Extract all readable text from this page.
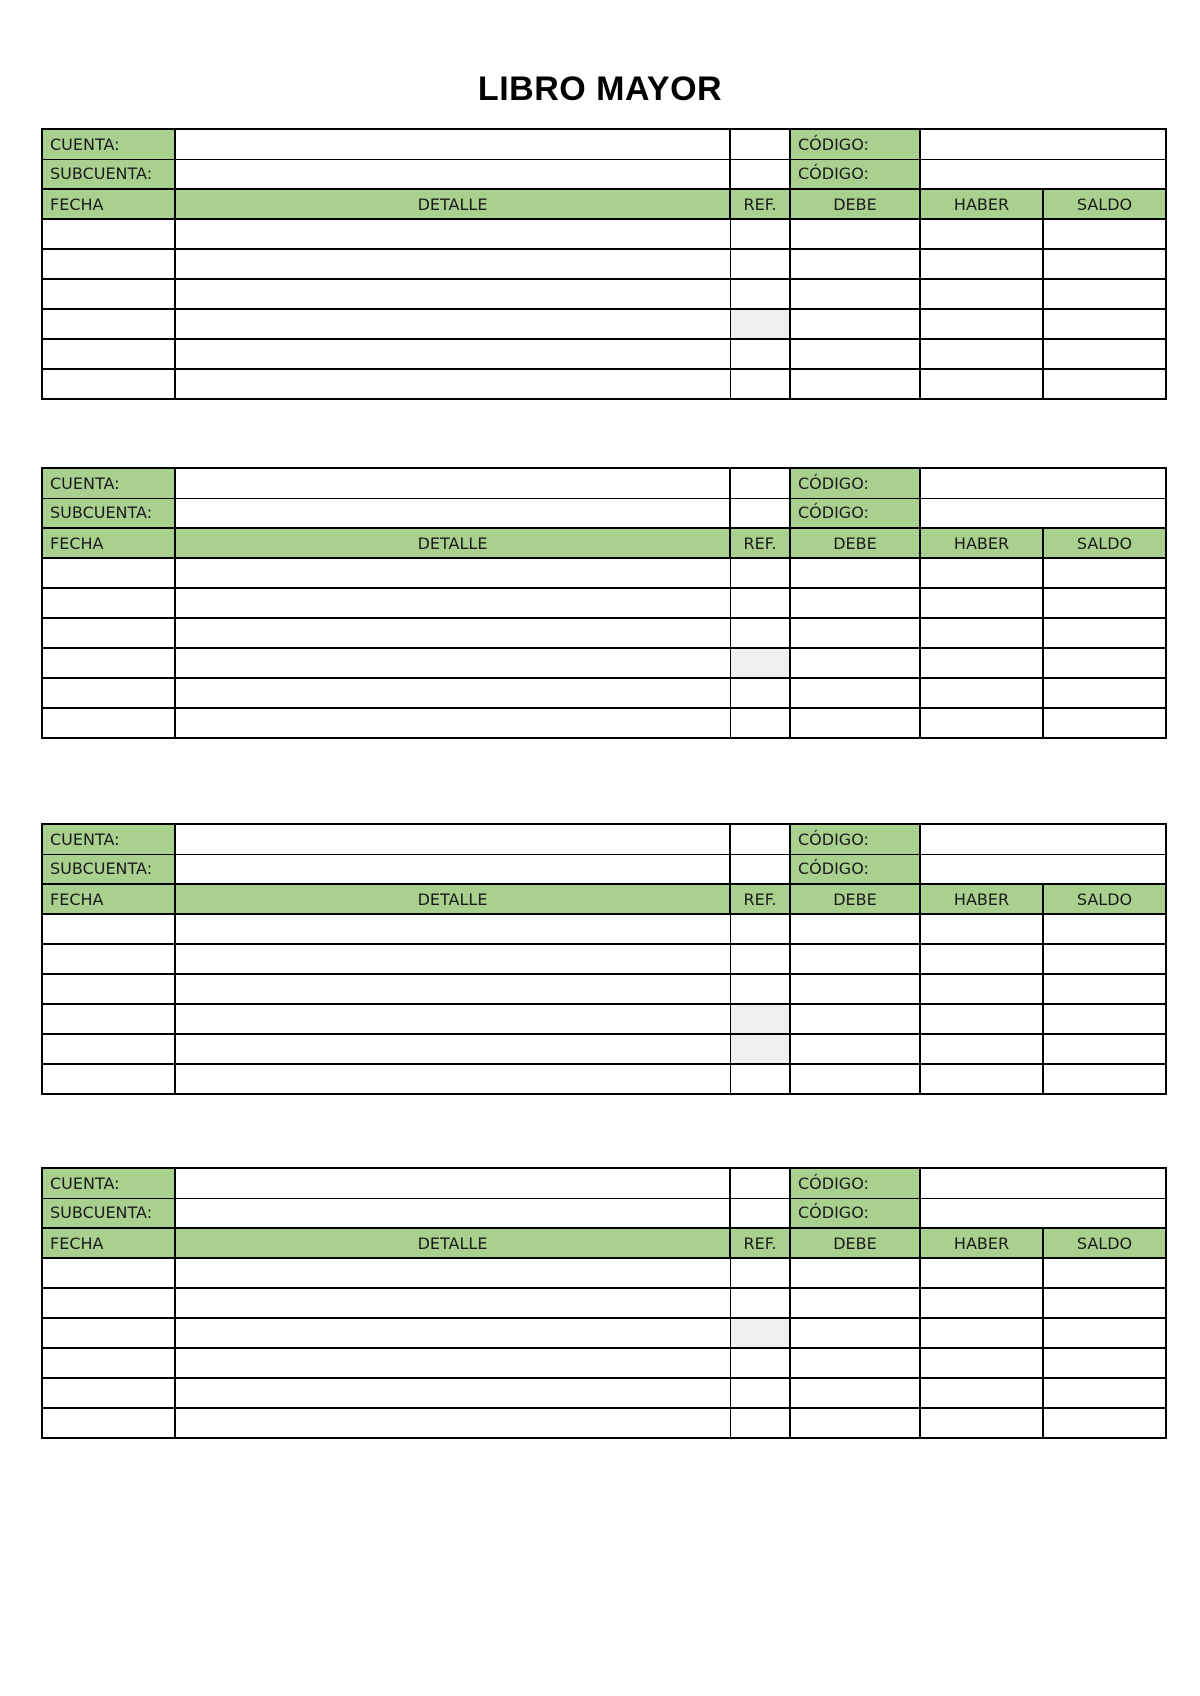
LIBRO MAYOR
CUENTA:			CÓDIGO:		
SUBCUENTA:			CÓDIGO:		
FECHA	DETALLE	REF.	DEBE	HABER	SALDO

CUENTA:			CÓDIGO:		
SUBCUENTA:			CÓDIGO:		
FECHA	DETALLE	REF.	DEBE	HABER	SALDO

CUENTA:			CÓDIGO:		
SUBCUENTA:			CÓDIGO:		
FECHA	DETALLE	REF.	DEBE	HABER	SALDO

CUENTA:			CÓDIGO:		
SUBCUENTA:			CÓDIGO:		
FECHA	DETALLE	REF.	DEBE	HABER	SALDO
